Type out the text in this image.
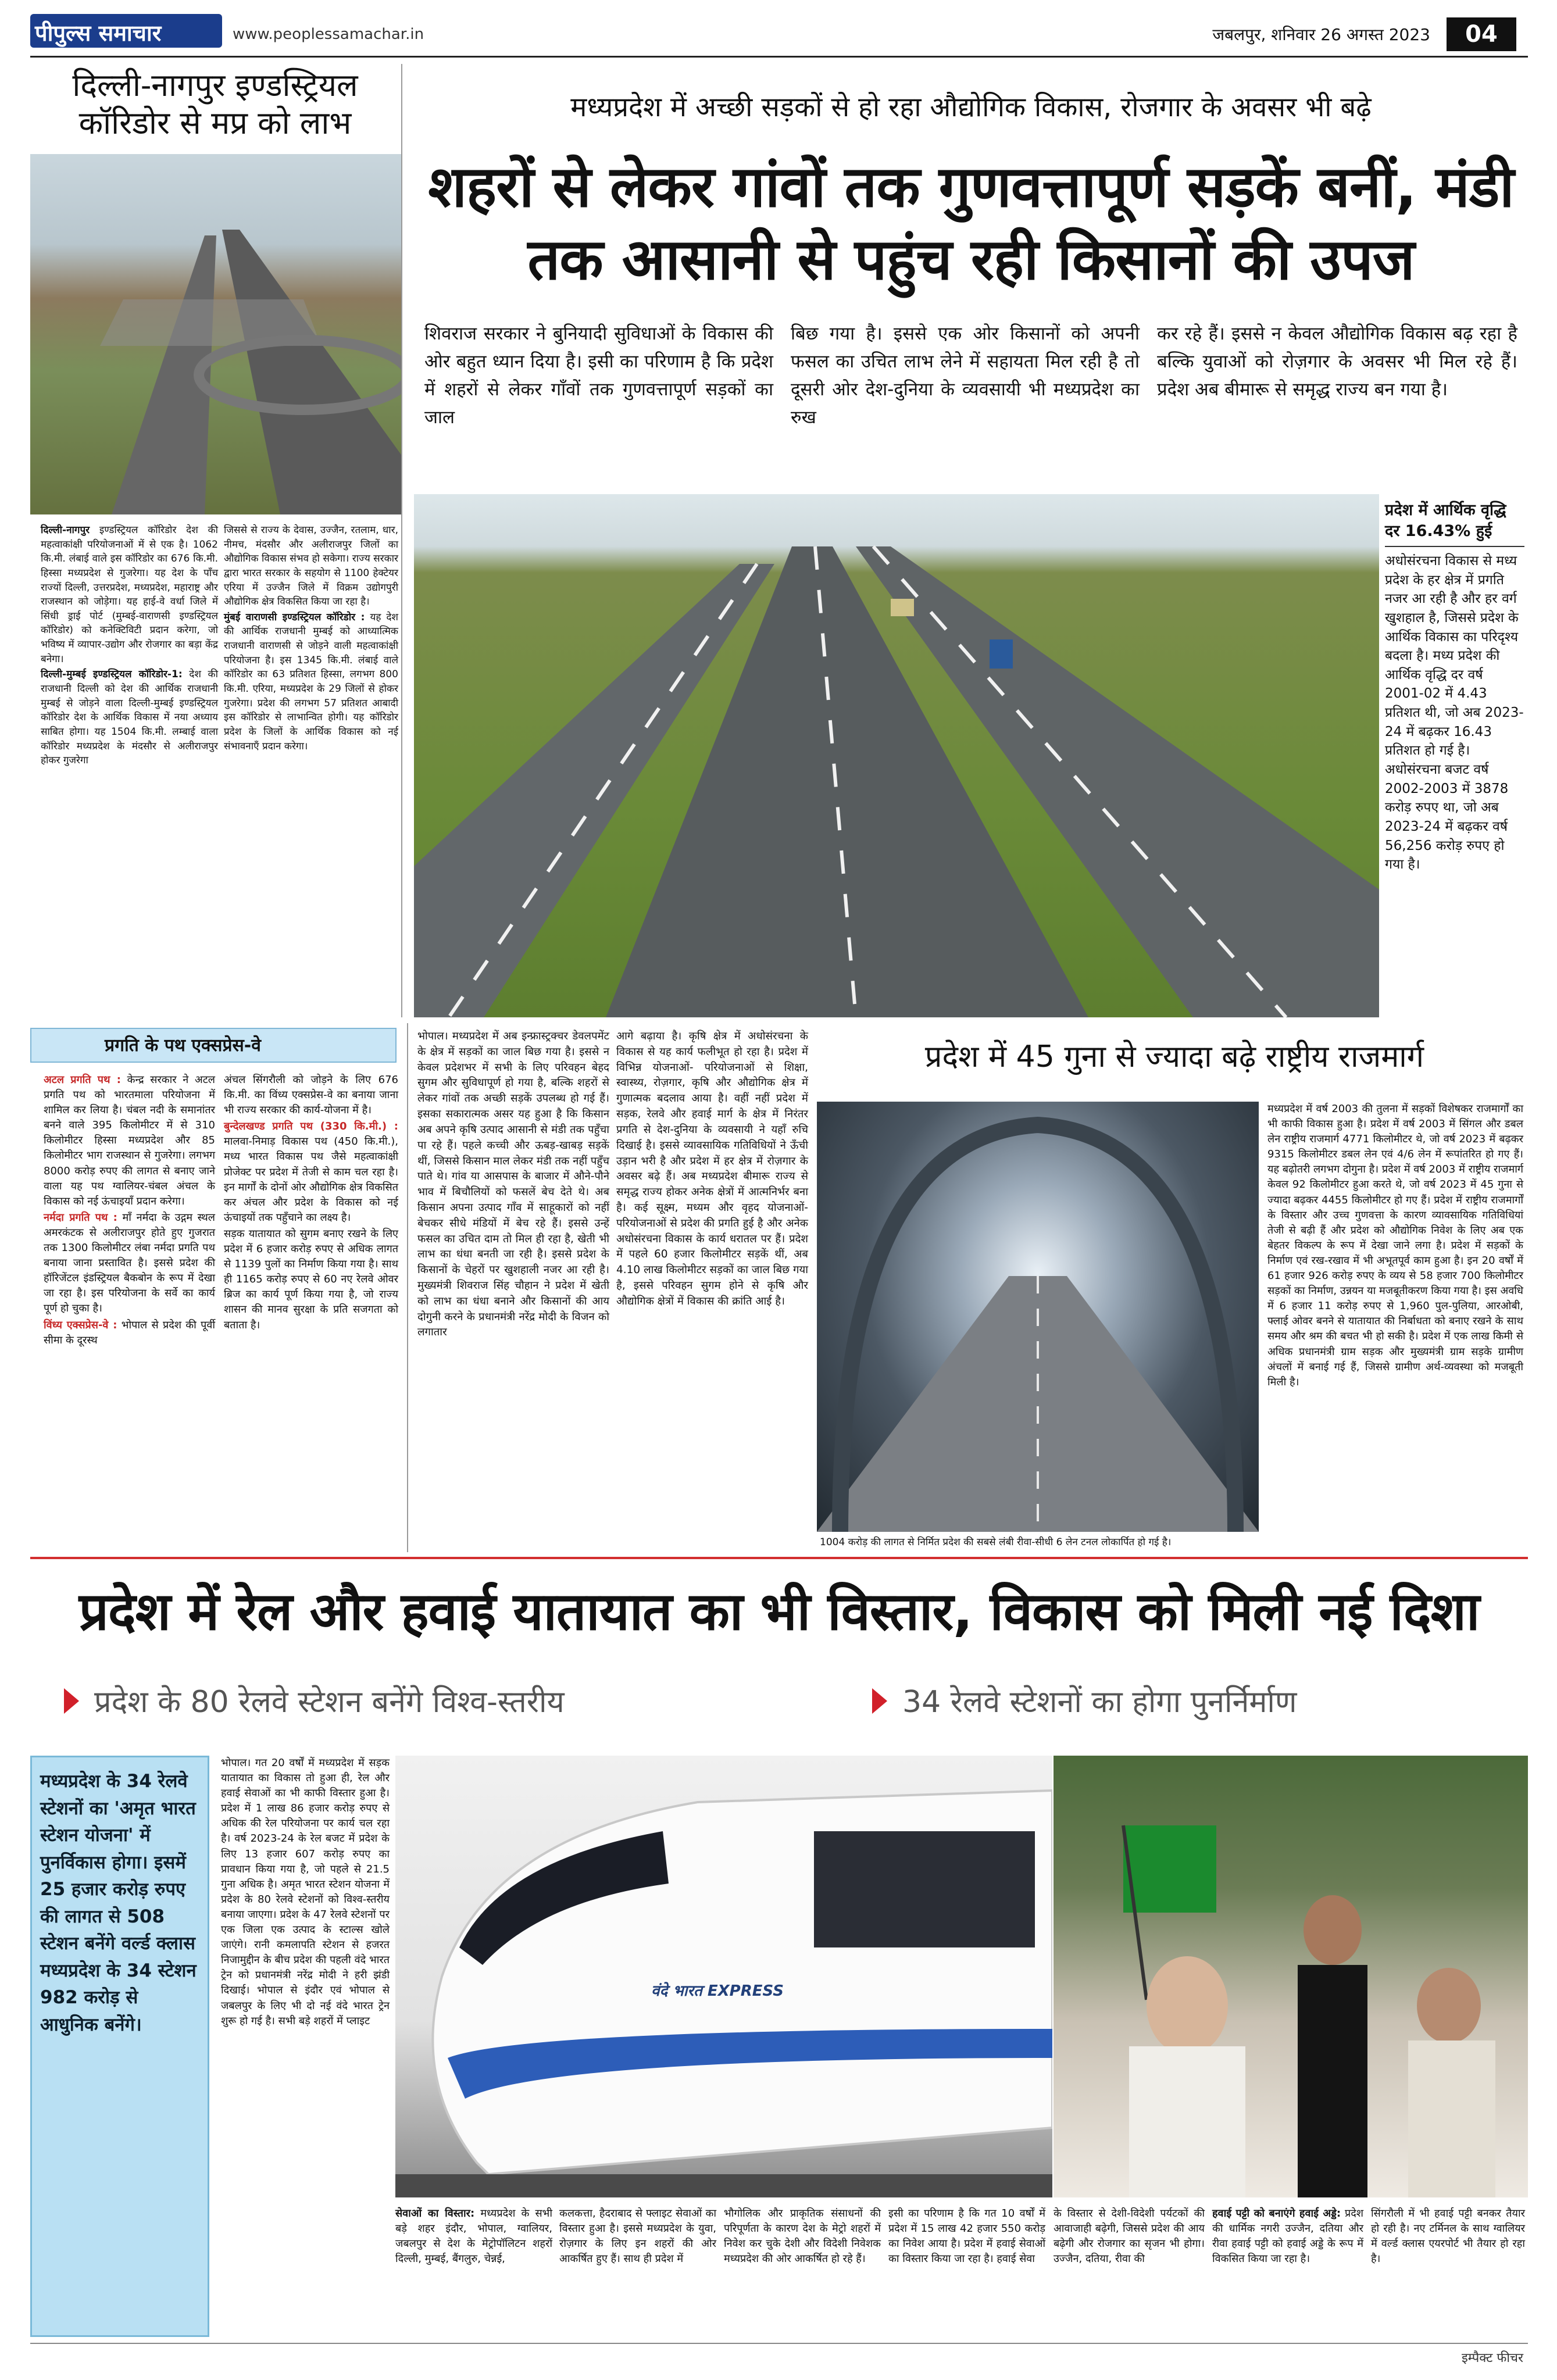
पीपुल्स समाचार	www.peoplessamachar.in	जबलपुर, शनिवार 26 अगस्त 2023	04
दिल्ली-नागपुर इण्डस्ट्रियल कॉरिडोर से मप्र को लाभ

दिल्ली-नागपुर इण्डस्ट्रियल कॉरिडोर देश की महत्वाकांक्षी परियोजनाओं में से एक है। 1062 कि.मी. लंबाई वाले इस कॉरिडोर का 676 कि.मी. हिस्सा मध्यप्रदेश से गुजरेगा। यह देश के पाँच राज्यों दिल्ली, उत्तरप्रदेश, मध्यप्रदेश, महाराष्ट्र और राजस्थान को जोड़ेगा। यह हाई-वे वर्धा जिले में सिंधी ड्राई पोर्ट (मुम्बई-वाराणसी इण्डस्ट्रियल कॉरिडोर) को कनेक्टिविटी प्रदान करेगा, जो भविष्य में व्यापार-उद्योग और रोजगार का बड़ा केंद्र बनेगा।

दिल्ली-मुम्बई इण्डस्ट्रियल कॉरिडोर-1: देश की राजधानी दिल्ली को देश की आर्थिक राजधानी मुम्बई से जोड़ने वाला दिल्ली-मुम्बई इण्डस्ट्रियल कॉरिडोर देश के आर्थिक विकास में नया अध्याय साबित होगा। यह 1504 कि.मी. लम्बाई वाला कॉरिडोर मध्यप्रदेश के मंदसौर से अलीराजपुर होकर गुजरेगा

जिससे से राज्य के देवास, उज्जैन, रतलाम, धार, नीमच, मंदसौर और अलीराजपुर जिलों का औद्योगिक विकास संभव हो सकेगा। राज्य सरकार द्वारा भारत सरकार के सहयोग से 1100 हेक्टेयर एरिया में उज्जैन जिले में विक्रम उद्योगपुरी औद्योगिक क्षेत्र विकसित किया जा रहा है।

मुंबई वाराणसी इण्डस्ट्रियल कॉरिडोर : यह देश की आर्थिक राजधानी मुम्बई को आध्यात्मिक राजधानी वाराणसी से जोड़ने वाली महत्वाकांक्षी परियोजना है। इस 1345 कि.मी. लंबाई वाले कॉरिडोर का 63 प्रतिशत हिस्सा, लगभग 800 कि.मी. एरिया, मध्यप्रदेश के 29 जिलों से होकर गुजरेगा। प्रदेश की लगभग 57 प्रतिशत आबादी इस कॉरिडोर से लाभान्वित होगी। यह कॉरिडोर प्रदेश के जिलों के आर्थिक विकास को नई संभावनाएँ प्रदान करेगा।

मध्यप्रदेश में अच्छी सड़कों से हो रहा औद्योगिक विकास, रोजगार के अवसर भी बढ़े
शहरों से लेकर गांवों तक गुणवत्तापूर्ण सड़कें बनीं, मंडी तक आसानी से पहुंच रही किसानों की उपज
शिवराज सरकार ने बुनियादी सुविधाओं के विकास की ओर बहुत ध्यान दिया है। इसी का परिणाम है कि प्रदेश में शहरों से लेकर गाँवों तक गुणवत्तापूर्ण सड़कों का जाल
बिछ गया है। इससे एक ओर किसानों को अपनी फसल का उचित लाभ लेने में सहायता मिल रही है तो दूसरी ओर देश-दुनिया के व्यवसायी भी मध्यप्रदेश का रुख
कर रहे हैं। इससे न केवल औद्योगिक विकास बढ़ रहा है बल्कि युवाओं को रोज़गार के अवसर भी मिल रहे हैं। प्रदेश अब बीमारू से समृद्ध राज्य बन गया है।
प्रदेश में आर्थिक वृद्धि दर 16.43% हुई
अधोसंरचना विकास से मध्य प्रदेश के हर क्षेत्र में प्रगति नजर आ रही है और हर वर्ग खुशहाल है, जिससे प्रदेश के आर्थिक विकास का परिदृश्य बदला है। मध्य प्रदेश की आर्थिक वृद्धि दर वर्ष 2001-02 में 4.43 प्रतिशत थी, जो अब 2023-24 में बढ़कर 16.43 प्रतिशत हो गई है। अधोसंरचना बजट वर्ष 2002-2003 में 3878 करोड़ रुपए था, जो अब 2023-24 में बढ़कर वर्ष 56,256 करोड़ रुपए हो गया है।
प्रगति के पथ एक्सप्रेस-वे

अटल प्रगति पथ : केन्द्र सरकार ने अटल प्रगति पथ को भारतमाला परियोजना में शामिल कर लिया है। चंबल नदी के समानांतर बनने वाले 395 किलोमीटर में से 310 किलोमीटर हिस्सा मध्यप्रदेश और 85 किलोमीटर भाग राजस्थान से गुजरेगा। लगभग 8000 करोड़ रुपए की लागत से बनाए जाने वाला यह पथ ग्वालियर-चंबल अंचल के विकास को नई ऊंचाइयाँ प्रदान करेगा।

नर्मदा प्रगति पथ : माँ नर्मदा के उद्गम स्थल अमरकंटक से अलीराजपुर होते हुए गुजरात तक 1300 किलोमीटर लंबा नर्मदा प्रगति पथ बनाया जाना प्रस्तावित है। इससे प्रदेश की हॉरिजेंटल इंडस्ट्रियल बैकबोन के रूप में देखा जा रहा है। इस परियोजना के सर्वे का कार्य पूर्ण हो चुका है।

विंध्य एक्सप्रेस-वे : भोपाल से प्रदेश की पूर्वी सीमा के दूरस्थ

अंचल सिंगरौली को जोड़ने के लिए 676 कि.मी. का विंध्य एक्सप्रेस-वे का बनाया जाना भी राज्य सरकार की कार्य-योजना में है।

बुन्देलखण्ड प्रगति पथ (330 कि.मी.) : मालवा-निमाड़ विकास पथ (450 कि.मी.), मध्य भारत विकास पथ जैसे महत्वाकांक्षी प्रोजेक्ट पर प्रदेश में तेजी से काम चल रहा है। इन मार्गों के दोनों ओर औद्योगिक क्षेत्र विकसित कर अंचल और प्रदेश के विकास को नई ऊंचाइयों तक पहुँचाने का लक्ष्य है।

सड़क यातायात को सुगम बनाए रखने के लिए प्रदेश में 6 हजार करोड़ रुपए से अधिक लागत से 1139 पुलों का निर्माण किया गया है। साथ ही 1165 करोड़ रुपए से 60 नए रेलवे ओवर ब्रिज का कार्य पूर्ण किया गया है, जो राज्य शासन की मानव सुरक्षा के प्रति सजगता को बताता है।

भोपाल। मध्यप्रदेश में अब इन्फ्रास्ट्रक्चर डेवलपमेंट के क्षेत्र में सड़कों का जाल बिछ गया है। इससे न केवल प्रदेशभर में सभी के लिए परिवहन बेहद सुगम और सुविधापूर्ण हो गया है, बल्कि शहरों से लेकर गांवों तक अच्छी सड़कें उपलब्ध हो गई हैं। इसका सकारात्मक असर यह हुआ है कि किसान अब अपने कृषि उत्पाद आसानी से मंडी तक पहुँचा पा रहे हैं। पहले कच्ची और ऊबड़-खाबड़ सड़कें थीं, जिससे किसान माल लेकर मंडी तक नहीं पहुँच पाते थे। गांव या आसपास के बाजार में औने-पौने भाव में बिचौलियों को फसलें बेच देते थे। अब किसान अपना उत्पाद गाँव में साहूकारों को नहीं बेचकर सीधे मंडियों में बेच रहे हैं। इससे उन्हें फसल का उचित दाम तो मिल ही रहा है, खेती भी लाभ का धंधा बनती जा रही है। इससे प्रदेश के किसानों के चेहरों पर खुशहाली नजर आ रही है। मुख्यमंत्री शिवराज सिंह चौहान ने प्रदेश में खेती को लाभ का धंधा बनाने और किसानों की आय दोगुनी करने के प्रधानमंत्री नरेंद्र मोदी के विजन को लगातार
आगे बढ़ाया है। कृषि क्षेत्र में अधोसंरचना के विकास से यह कार्य फलीभूत हो रहा है। प्रदेश में विभिन्न योजनाओं- परियोजनाओं से शिक्षा, स्वास्थ्य, रोज़गार, कृषि और औद्योगिक क्षेत्र में गुणात्मक बदलाव आया है। वहीं नहीं प्रदेश में सड़क, रेलवे और हवाई मार्ग के क्षेत्र में निरंतर प्रगति से देश-दुनिया के व्यवसायी ने यहाँ रुचि दिखाई है। इससे व्यावसायिक गतिविधियों ने ऊँची उड़ान भरी है और प्रदेश में हर क्षेत्र में रोज़गार के अवसर बढ़े हैं। अब मध्यप्रदेश बीमारू राज्य से समृद्ध राज्य होकर अनेक क्षेत्रों में आत्मनिर्भर बना है। कई सूक्ष्म, मध्यम और वृहद योजनाओं-परियोजनाओं से प्रदेश की प्रगति हुई है और अनेक अधोसंरचना विकास के कार्य धरातल पर हैं। प्रदेश में पहले 60 हजार किलोमीटर सड़कें थीं, अब 4.10 लाख किलोमीटर सड़कों का जाल बिछ गया है, इससे परिवहन सुगम होने से कृषि और औद्योगिक क्षेत्रों में विकास की क्रांति आई है।
प्रदेश में 45 गुना से ज्यादा बढ़े राष्ट्रीय राजमार्ग
1004 करोड़ की लागत से निर्मित प्रदेश की सबसे लंबी रीवा-सीधी 6 लेन टनल लोकार्पित हो गई है।
मध्यप्रदेश में वर्ष 2003 की तुलना में सड़कों विशेषकर राजमार्गों का भी काफी विकास हुआ है। प्रदेश में वर्ष 2003 में सिंगल और डबल लेन राष्ट्रीय राजमार्ग 4771 किलोमीटर थे, जो वर्ष 2023 में बढ़कर 9315 किलोमीटर डबल लेन एवं 4/6 लेन में रूपांतरित हो गए हैं। यह बढ़ोतरी लगभग दोगुना है। प्रदेश में वर्ष 2003 में राष्ट्रीय राजमार्ग केवल 92 किलोमीटर हुआ करते थे, जो वर्ष 2023 में 45 गुना से ज्यादा बढ़कर 4455 किलोमीटर हो गए हैं। प्रदेश में राष्ट्रीय राजमार्गों के विस्तार और उच्च गुणवत्ता के कारण व्यावसायिक गतिविधियां तेजी से बढ़ी हैं और प्रदेश को औद्योगिक निवेश के लिए अब एक बेहतर विकल्प के रूप में देखा जाने लगा है। प्रदेश में सड़कों के निर्माण एवं रख-रखाव में भी अभूतपूर्व काम हुआ है। इन 20 वर्षों में 61 हजार 926 करोड़ रुपए के व्यय से 58 हजार 700 किलोमीटर सड़कों का निर्माण, उन्नयन या मजबूतीकरण किया गया है। इस अवधि में 6 हजार 11 करोड़ रुपए से 1,960 पुल-पुलिया, आरओबी, फ्लाई ओवर बनने से यातायात की निर्बाधता को बनाए रखने के साथ समय और श्रम की बचत भी हो सकी है। प्रदेश में एक लाख किमी से अधिक प्रधानमंत्री ग्राम सड़क और मुख्यमंत्री ग्राम सड़के ग्रामीण अंचलों में बनाई गई हैं, जिससे ग्रामीण अर्थ-व्यवस्था को मजबूती मिली है।
प्रदेश में रेल और हवाई यातायात का भी विस्तार, विकास को मिली नई दिशा
प्रदेश के 80 रेलवे स्टेशन बनेंगे विश्व-स्तरीय	34 रेलवे स्टेशनों का होगा पुनर्निर्माण
मध्यप्रदेश के 34 रेलवे स्टेशनों का 'अमृत भारत स्टेशन योजना' में पुनर्विकास होगा। इसमें 25 हजार करोड़ रुपए की लागत से 508 स्टेशन बनेंगे वर्ल्ड क्लास मध्यप्रदेश के 34 स्टेशन 982 करोड़ से आधुनिक बनेंगे।
भोपाल। गत 20 वर्षों में मध्यप्रदेश में सड़क यातायात का विकास तो हुआ ही, रेल और हवाई सेवाओं का भी काफी विस्तार हुआ है। प्रदेश में 1 लाख 86 हजार करोड़ रुपए से अधिक की रेल परियोजना पर कार्य चल रहा है। वर्ष 2023-24 के रेल बजट में प्रदेश के लिए 13 हजार 607 करोड़ रुपए का प्रावधान किया गया है, जो पहले से 21.5 गुना अधिक है। अमृत भारत स्टेशन योजना में प्रदेश के 80 रेलवे स्टेशनों को विश्व-स्तरीय बनाया जाएगा। प्रदेश के 47 रेलवे स्टेशनों पर एक जिला एक उत्पाद के स्टाल्स खोले जाएंगे। रानी कमलापति स्टेशन से हजरत निजामुद्दीन के बीच प्रदेश की पहली वंदे भारत ट्रेन को प्रधानमंत्री नरेंद्र मोदी ने हरी झंडी दिखाई। भोपाल से इंदौर एवं भोपाल से जबलपुर के लिए भी दो नई वंदे भारत ट्रेन शुरू हो गई है। सभी बड़े शहरों में प्लाइट
वंदे भारत EXPRESS
सेवाओं का विस्तार: मध्यप्रदेश के सभी बड़े शहर इंदौर, भोपाल, ग्वालियर, जबलपुर से देश के मेट्रोपॉलिटन शहरों दिल्ली, मुम्बई, बैंगलुरु, चेन्नई,
कलकत्ता, हैदराबाद से फ्लाइट सेवाओं का विस्तार हुआ है। इससे मध्यप्रदेश के युवा, रोज़गार के लिए इन शहरों की ओर आकर्षित हुए हैं। साथ ही प्रदेश में
भौगोलिक और प्राकृतिक संसाधनों की परिपूर्णता के कारण देश के मेट्रो शहरों में निवेश कर चुके देशी और विदेशी निवेशक मध्यप्रदेश की ओर आकर्षित हो रहे हैं।
इसी का परिणाम है कि गत 10 वर्षों में प्रदेश में 15 लाख 42 हजार 550 करोड़ का निवेश आया है। प्रदेश में हवाई सेवाओं का विस्तार किया जा रहा है। हवाई सेवा
के विस्तार से देशी-विदेशी पर्यटकों की आवाजाही बढ़ेगी, जिससे प्रदेश की आय बढ़ेगी और रोजगार का सृजन भी होगा। उज्जैन, दतिया, रीवा की
हवाई पट्टी को बनाएंगे हवाई अड्डे: प्रदेश की धार्मिक नगरी उज्जैन, दतिया और रीवा हवाई पट्टी को हवाई अड्डे के रूप में विकसित किया जा रहा है।
सिंगरौली में भी हवाई पट्टी बनकर तैयार हो रही है। नए टर्मिनल के साथ ग्वालियर में वर्ल्ड क्लास एयरपोर्ट भी तैयार हो रहा है।
इम्पैक्ट फीचर
